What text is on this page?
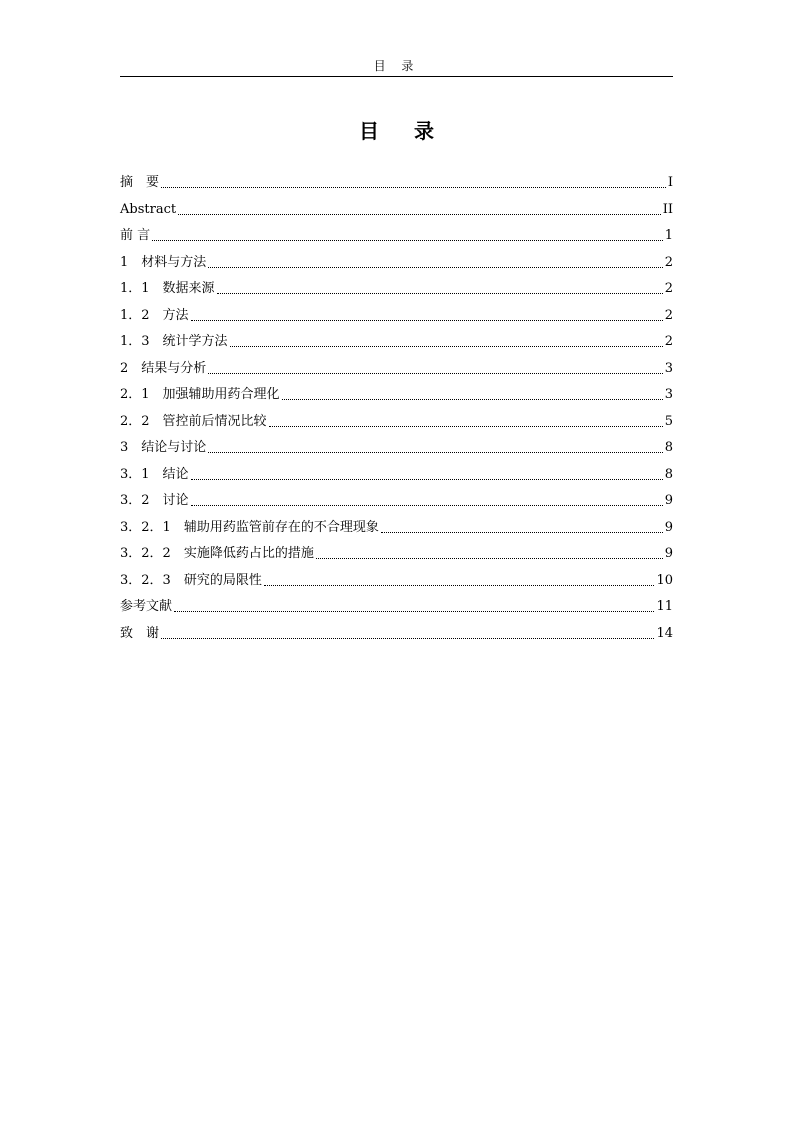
目 录
目 录
摘　要	I
Abstract	II
前 言	1
1　材料与方法	2
1．1　数据来源	2
1．2　方法	2
1．3　统计学方法	2
2　结果与分析	3
2．1　加强辅助用药合理化	3
2．2　管控前后情况比较	5
3　结论与讨论	8
3．1　结论	8
3．2　讨论	9
3．2．1　辅助用药监管前存在的不合理现象	9
3．2．2　实施降低药占比的措施	9
3．2．3　研究的局限性	10
参考文献	11
致　谢	14
